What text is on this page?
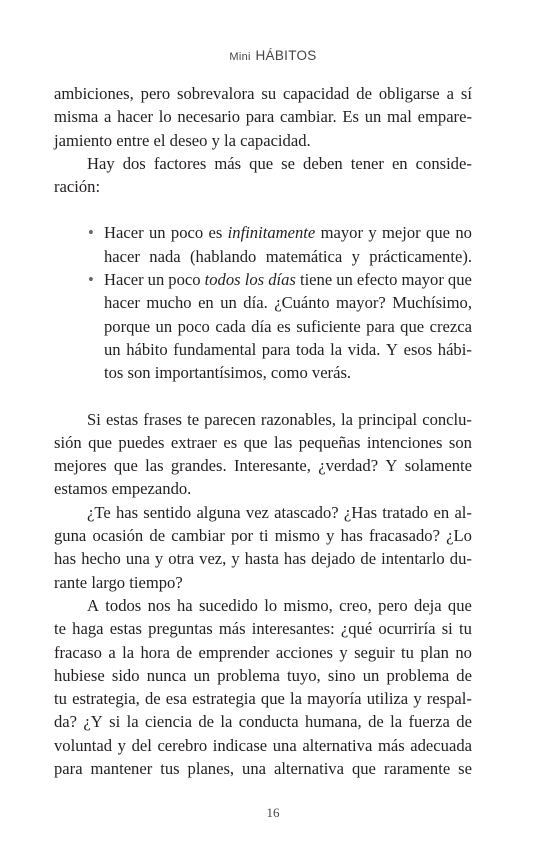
Mini HÁBITOS
ambiciones, pero sobrevalora su capacidad de obligarse a sí
misma a hacer lo necesario para cambiar. Es un mal empare-
jamiento entre el deseo y la capacidad.
Hay dos factores más que se deben tener en conside-
ración:
• Hacer un poco es infinitamente mayor y mejor que no
hacer nada (hablando matemática y prácticamente).
• Hacer un poco todos los días tiene un efecto mayor que
hacer mucho en un día. ¿Cuánto mayor? Muchísimo,
porque un poco cada día es suficiente para que crezca
un hábito fundamental para toda la vida. Y esos hábi-
tos son importantísimos, como verás.
Si estas frases te parecen razonables, la principal conclu-
sión que puedes extraer es que las pequeñas intenciones son
mejores que las grandes. Interesante, ¿verdad? Y solamente
estamos empezando.
¿Te has sentido alguna vez atascado? ¿Has tratado en al-
guna ocasión de cambiar por ti mismo y has fracasado? ¿Lo
has hecho una y otra vez, y hasta has dejado de intentarlo du-
rante largo tiempo?
A todos nos ha sucedido lo mismo, creo, pero deja que
te haga estas preguntas más interesantes: ¿qué ocurriría si tu
fracaso a la hora de emprender acciones y seguir tu plan no
hubiese sido nunca un problema tuyo, sino un problema de
tu estrategia, de esa estrategia que la mayoría utiliza y respal-
da? ¿Y si la ciencia de la conducta humana, de la fuerza de
voluntad y del cerebro indicase una alternativa más adecuada
para mantener tus planes, una alternativa que raramente se
16
